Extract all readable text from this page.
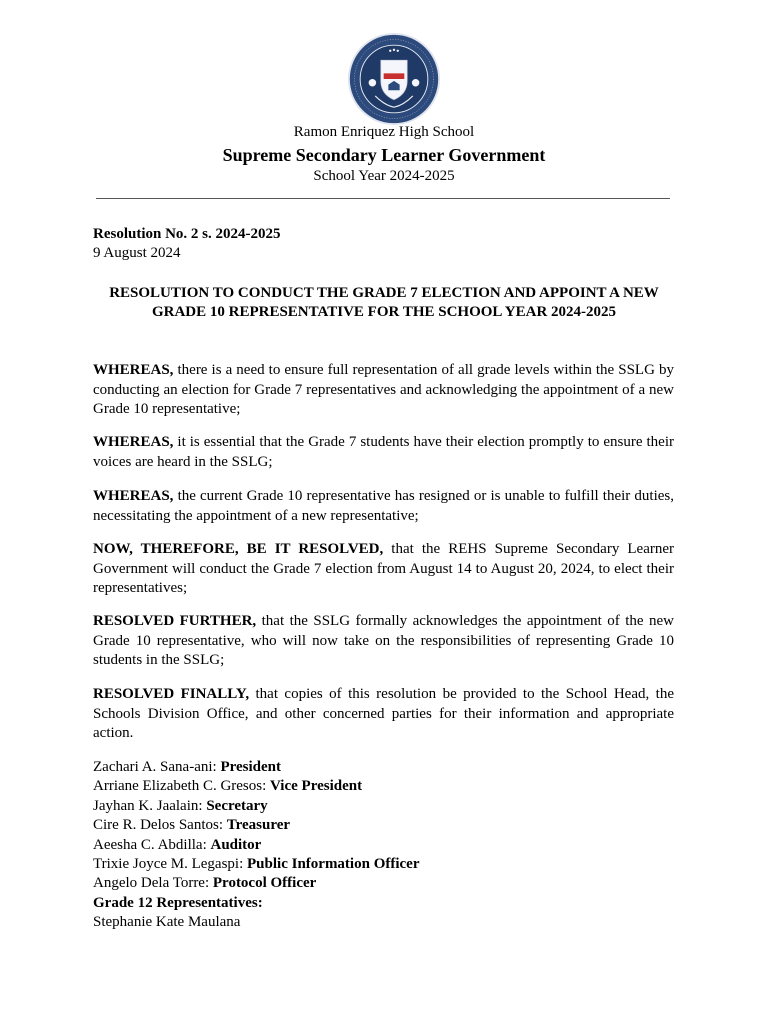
Ramon Enriquez High School
Supreme Secondary Learner Government
School Year 2024-2025
Resolution No. 2 s. 2024-2025
9 August 2024
RESOLUTION TO CONDUCT THE GRADE 7 ELECTION AND APPOINT A NEW GRADE 10 REPRESENTATIVE FOR THE SCHOOL YEAR 2024-2025
WHEREAS, there is a need to ensure full representation of all grade levels within the SSLG by conducting an election for Grade 7 representatives and acknowledging the appointment of a new Grade 10 representative;
WHEREAS, it is essential that the Grade 7 students have their election promptly to ensure their voices are heard in the SSLG;
WHEREAS, the current Grade 10 representative has resigned or is unable to fulfill their duties, necessitating the appointment of a new representative;
NOW, THEREFORE, BE IT RESOLVED, that the REHS Supreme Secondary Learner Government will conduct the Grade 7 election from August 14 to August 20, 2024, to elect their representatives;
RESOLVED FURTHER, that the SSLG formally acknowledges the appointment of the new Grade 10 representative, who will now take on the responsibilities of representing Grade 10 students in the SSLG;
RESOLVED FINALLY, that copies of this resolution be provided to the School Head, the Schools Division Office, and other concerned parties for their information and appropriate action.
Zachari A. Sana-ani: President
Arriane Elizabeth C. Gresos: Vice President
Jayhan K. Jaalain: Secretary
Cire R. Delos Santos: Treasurer
Aeesha C. Abdilla: Auditor
Trixie Joyce M. Legaspi: Public Information Officer
Angelo Dela Torre: Protocol Officer
Grade 12 Representatives:
Stephanie Kate Maulana
